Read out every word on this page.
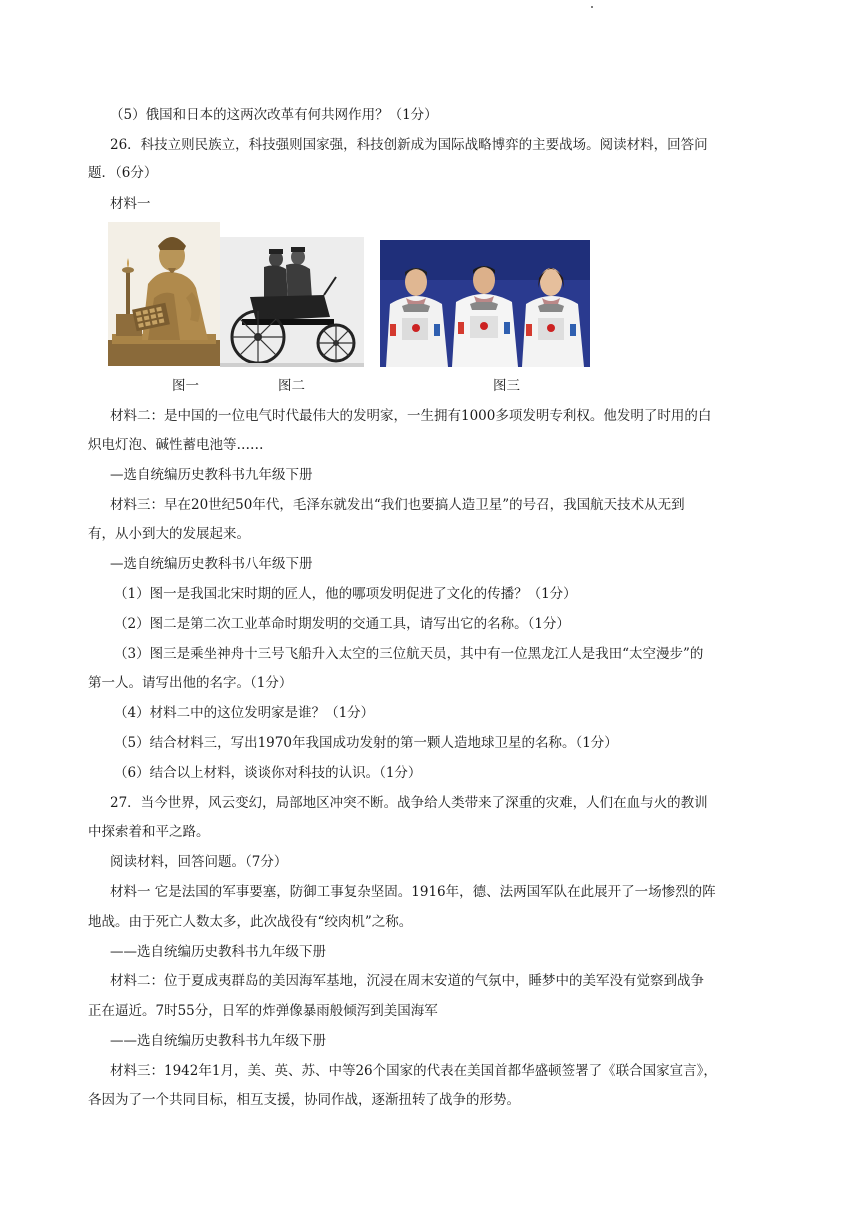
（5）俄国和日本的这两次改革有何共网作用？（1分）
26．科技立则民族立，科技强则国家强，科技创新成为国际战略博弈的主要战场。阅读材料，回答问
题．（6分）
材料一
图一	图二	图三
材料二：是中国的一位电气时代最伟大的发明家，一生拥有1000多项发明专利权。他发明了时用的白
炽电灯泡、碱性蓄电池等……
—选自统编历史教科书九年级下册
材料三：早在20世纪50年代，毛泽东就发出“我们也要搞人造卫星”的号召，我国航天技术从无到
有，从小到大的发展起来。
—选自统编历史教科书八年级下册
（1）图一是我国北宋时期的匠人，他的哪项发明促进了文化的传播？（1分）
（2）图二是第二次工业革命时期发明的交通工具，请写出它的名称。（1分）
（3）图三是乘坐神舟十三号飞船升入太空的三位航天员，其中有一位黑龙江人是我田“太空漫步”的
第一人。请写出他的名字。（1分）
（4）材料二中的这位发明家是谁？（1分）
（5）结合材料三，写出1970年我国成功发射的第一颗人造地球卫星的名称。（1分）
（6）结合以上材料，谈谈你对科技的认识。（1分）
27．当今世界，风云变幻，局部地区冲突不断。战争给人类带来了深重的灾难，人们在血与火的教训
中探索着和平之路。
阅读材料，回答问题。（7分）
材料一 它是法国的军事要塞，防御工事复杂坚固。1916年，德、法两国军队在此展开了一场惨烈的阵
地战。由于死亡人数太多，此次战役有“绞肉机”之称。
——选自统编历史教科书九年级下册
材料二：位于夏成夷群岛的美因海军基地，沉浸在周末安道的气氛中，睡梦中的美军没有觉察到战争
正在逼近。7时55分，日军的炸弹像暴雨般倾泻到美国海军
——选自统编历史教科书九年级下册
材料三：1942年1月，美、英、苏、中等26个国家的代表在美国首都华盛顿签署了《联合国家宣言》，
各因为了一个共同目标，相互支援，协同作战，逐渐扭转了战争的形势。
